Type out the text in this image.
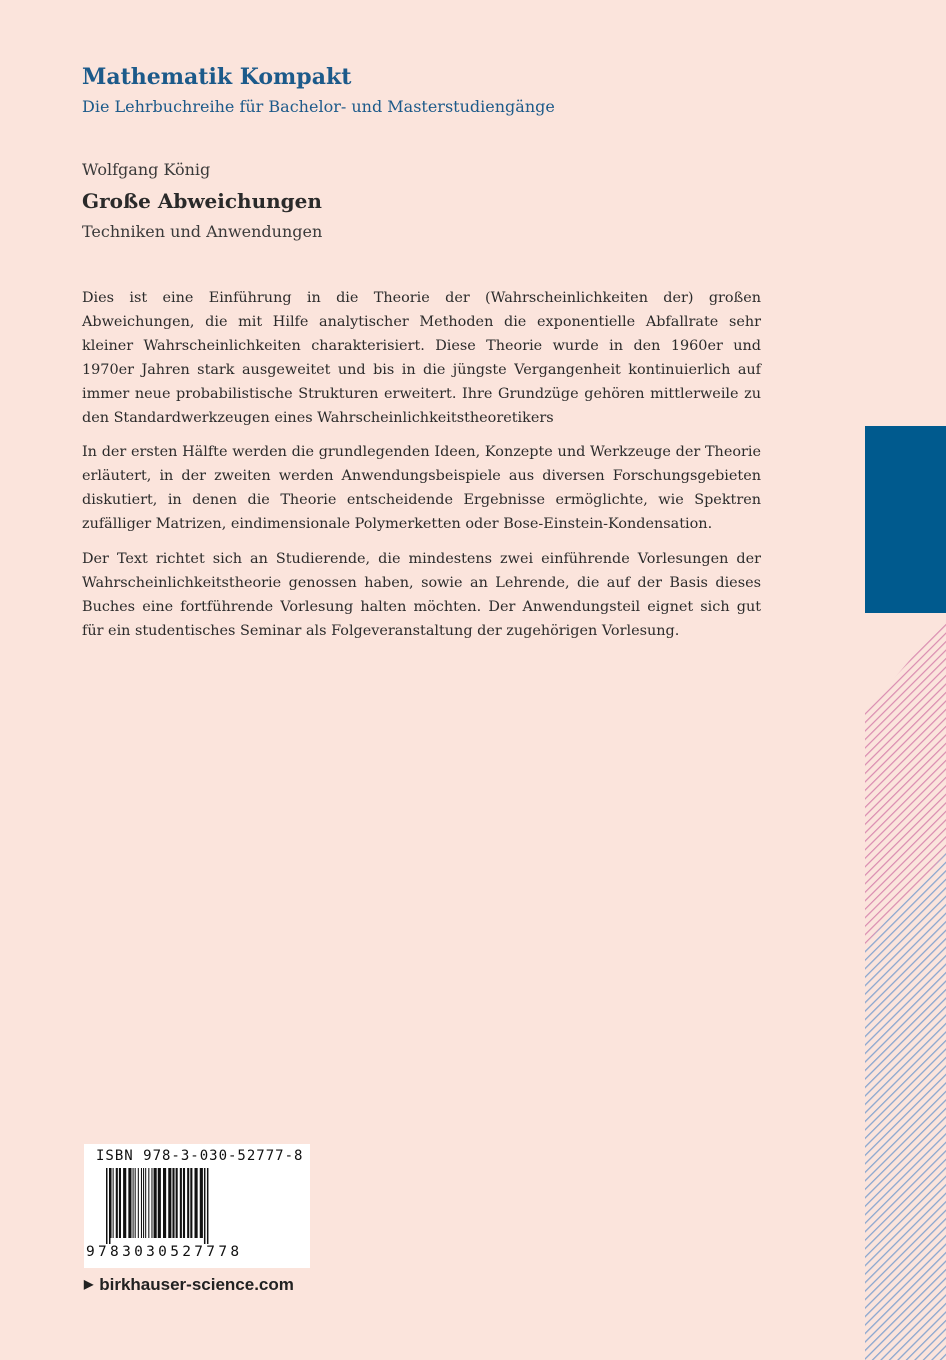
Mathematik Kompakt
Die Lehrbuchreihe für Bachelor- und Masterstudiengänge
Wolfgang König
Große Abweichungen
Techniken und Anwendungen

Dies ist eine Einführung in die Theorie der (Wahrscheinlichkeiten der) großen Abweichungen, die mit Hilfe analytischer Methoden die exponentielle Abfallrate sehr kleiner Wahrscheinlichkeiten charakterisiert. Diese Theorie wurde in den 1960er und 1970er Jahren stark ausgeweitet und bis in die jüngste Vergangenheit kontinuierlich auf immer neue probabilistische Strukturen erweitert. Ihre Grundzüge gehören mittlerweile zu den Standardwerkzeugen eines Wahrscheinlichkeitstheoretikers

In der ersten Hälfte werden die grundlegenden Ideen, Konzepte und Werkzeuge der Theorie erläutert, in der zweiten werden Anwendungsbeispiele aus diversen Forschungsgebieten diskutiert, in denen die Theorie entscheidende Ergebnisse ermöglichte, wie Spektren zufälliger Matrizen, eindimensionale Polymerketten oder Bose-Einstein-Kondensation.

Der Text richtet sich an Studierende, die mindestens zwei einführende Vorlesungen der Wahrscheinlichkeitstheorie genossen haben, sowie an Lehrende, die auf der Basis dieses Buches eine fortführende Vorlesung halten möchten. Der Anwendungsteil eignet sich gut für ein studentisches Seminar als Folgeveranstaltung der zugehörigen Vorlesung.

ISBN 978-3-030-52777-8
9783030527778
▶ birkhauser-science.com
